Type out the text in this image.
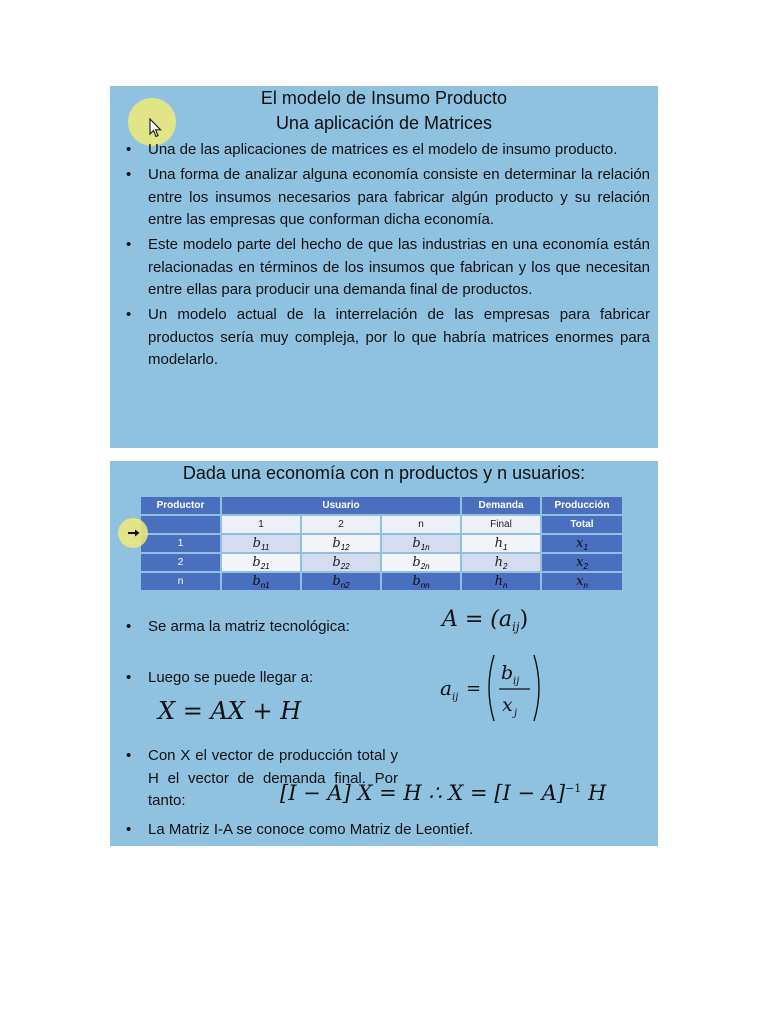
El modelo de Insumo Producto
Una aplicación de Matrices
• Una de las aplicaciones de matrices es el modelo de insumo producto.
• Una forma de analizar alguna economía consiste en determinar la relación entre los insumos necesarios para fabricar algún producto y su relación entre las empresas que conforman dicha economía.
• Este modelo parte del hecho de que las industrias en una economía están relacionadas en términos de los insumos que fabrican y los que necesitan entre ellas para producir una demanda final de productos.
• Un modelo actual de la interrelación de las empresas para fabricar productos sería muy compleja, por lo que habría matrices enormes para modelarlo.
Dada una economía con n productos y n usuarios:
Productor	Usuario			Demanda	Producción
	1	2	n	Final	Total
1	$b_{11}$	$b_{12}$	$b_{1n}$	$h_1$	$x_1$
2	$b_{21}$	$b_{22}$	$b_{2n}$	$h_2$	$x_2$
n	$b_{n1}$	$b_{n2}$	$b_{nn}$	$h_n$	$x_n$
• Se arma la matriz tecnológica:	$A = (a_{ij})$
• Luego se puede llegar a:
X = AX + H
a ij =
b ij
x j
• Con X el vector de producción total y H el vector de demanda final. Por tanto:	[I − A] X = H ∴ $X = [I - A]^{-1}$ H
• La Matriz I-A se conoce como Matriz de Leontief.
